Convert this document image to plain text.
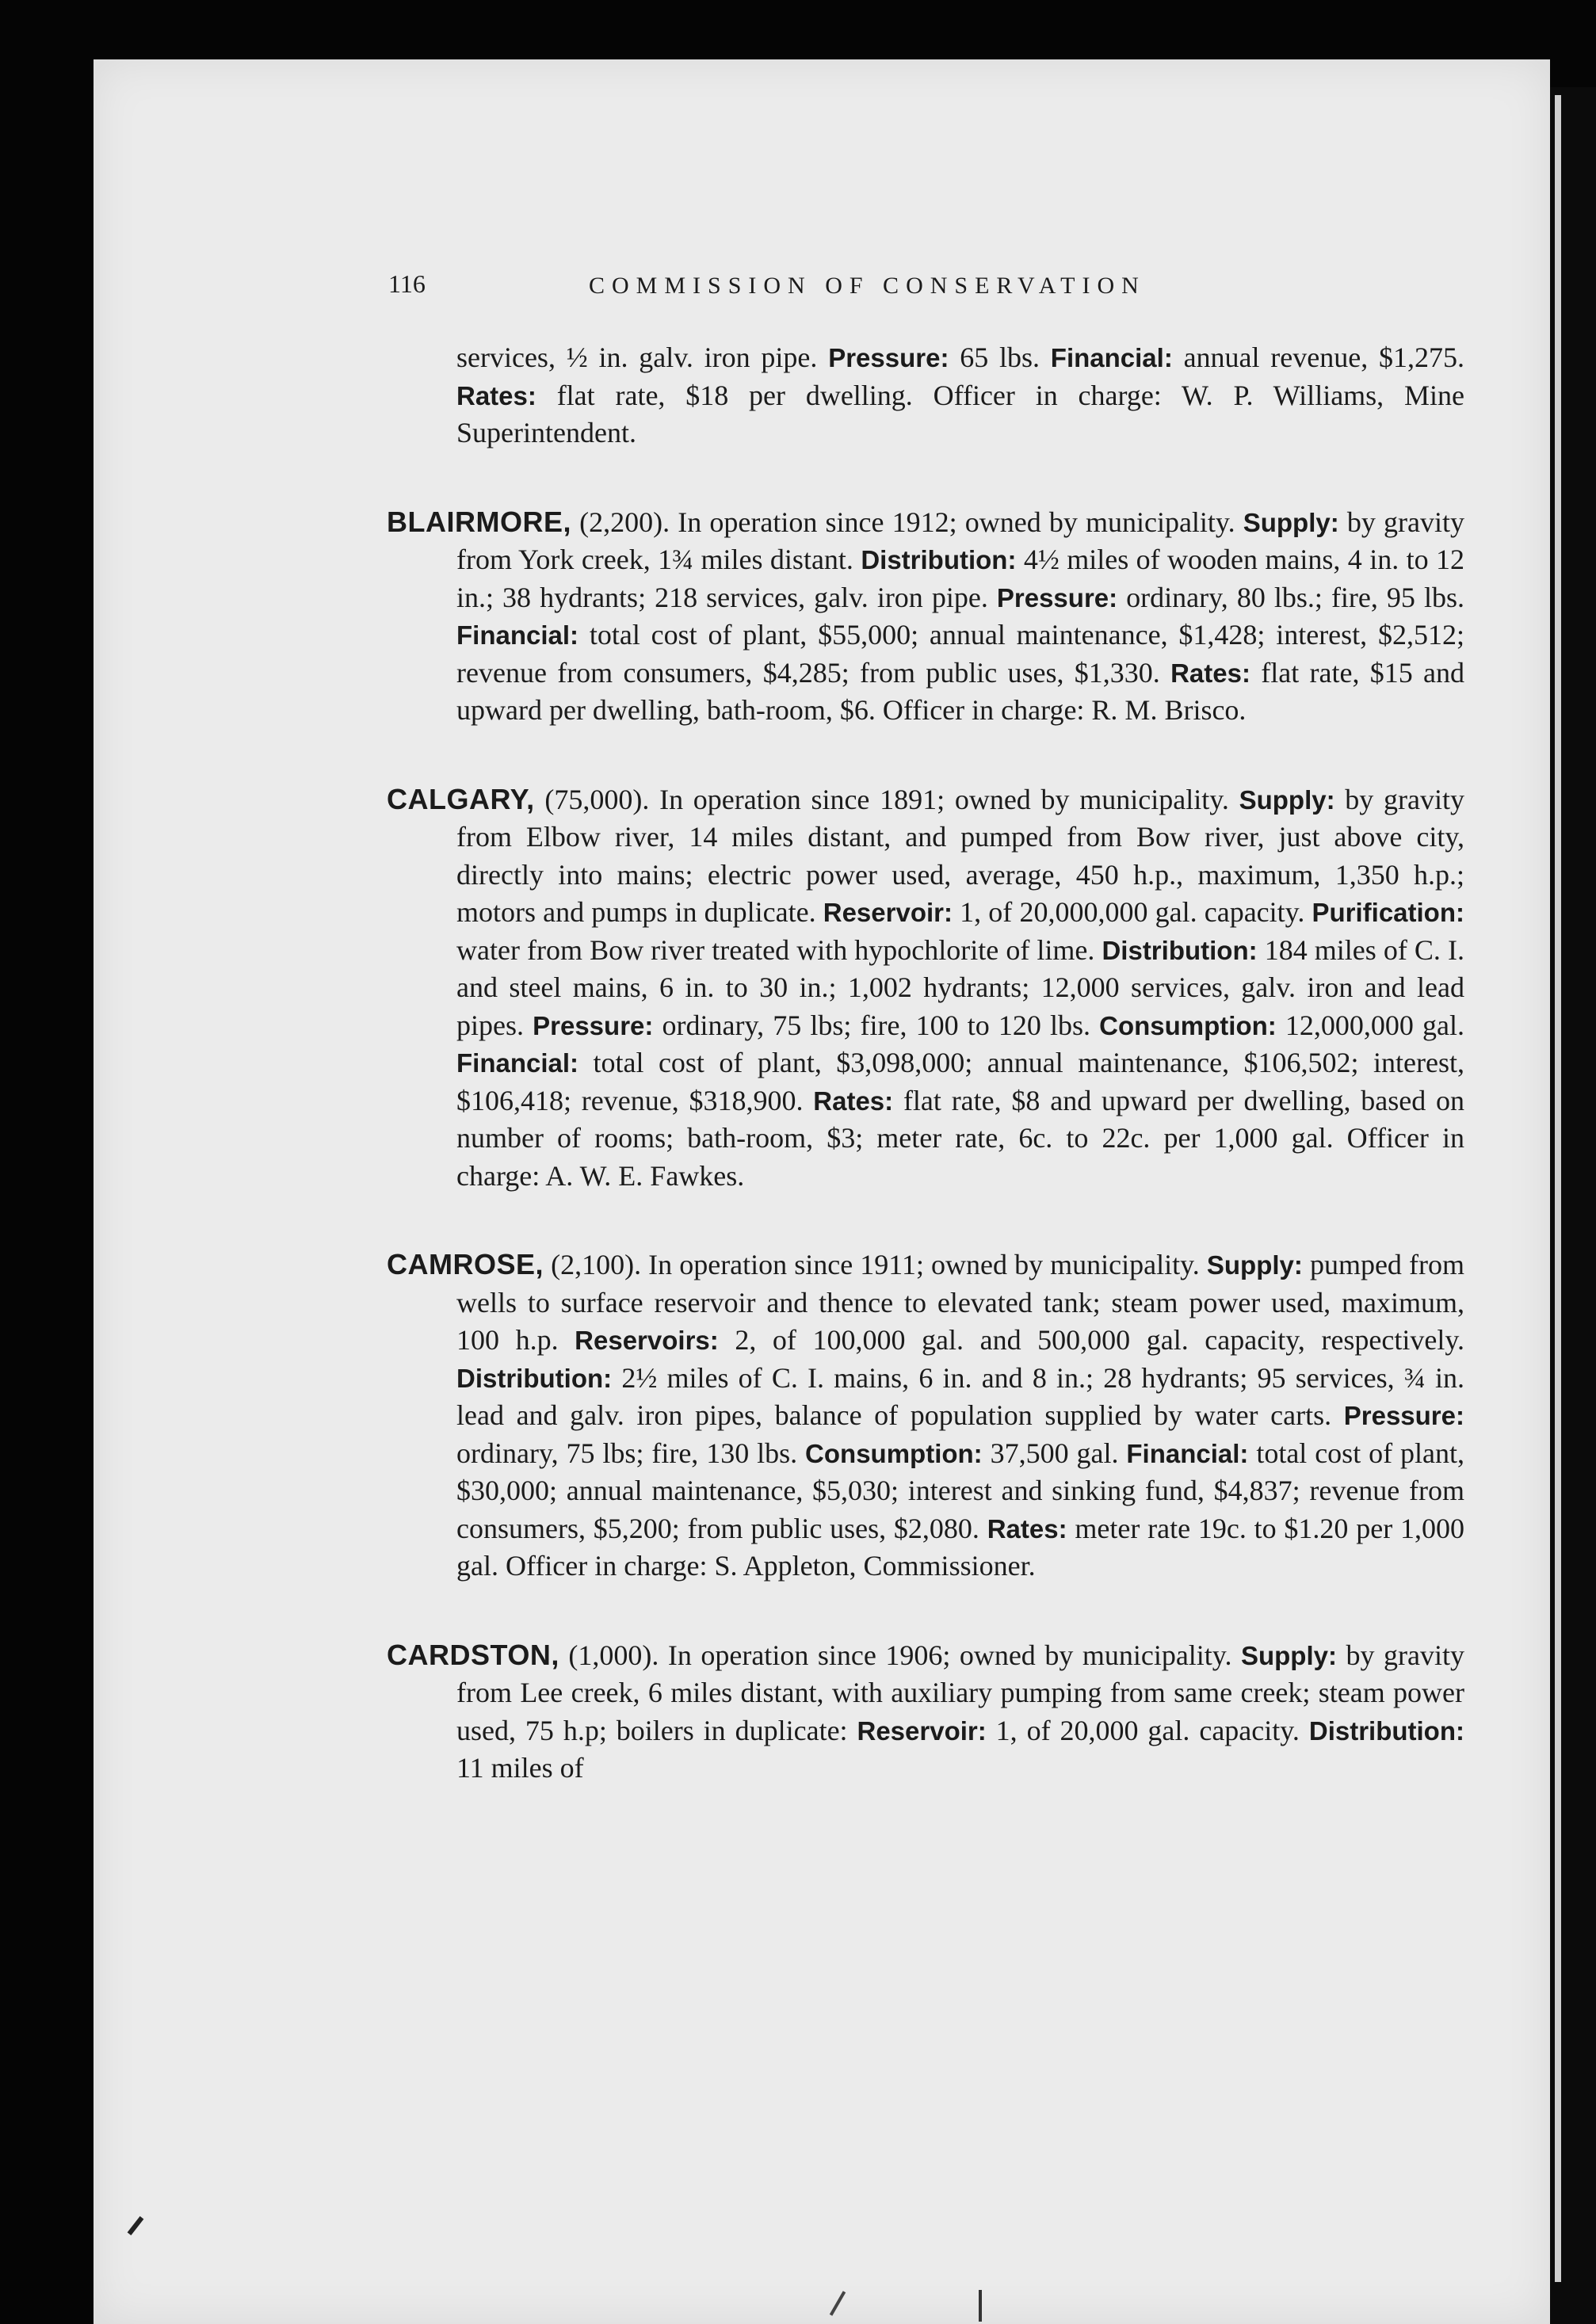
116	COMMISSION OF CONSERVATION

services, ½ in. galv. iron pipe. Pressure: 65 lbs. Financial: annual revenue, $1,275. Rates: flat rate, $18 per dwelling. Officer in charge: W. P. Williams, Mine Superintendent.

BLAIRMORE, (2,200). In operation since 1912; owned by municipality. Supply: by gravity from York creek, 1¾ miles distant. Distribution: 4½ miles of wooden mains, 4 in. to 12 in.; 38 hydrants; 218 services, galv. iron pipe. Pressure: ordinary, 80 lbs.; fire, 95 lbs. Financial: total cost of plant, $55,000; annual maintenance, $1,428; interest, $2,512; revenue from consumers, $4,285; from public uses, $1,330. Rates: flat rate, $15 and upward per dwelling, bath-room, $6. Officer in charge: R. M. Brisco.

CALGARY, (75,000). In operation since 1891; owned by municipality. Supply: by gravity from Elbow river, 14 miles distant, and pumped from Bow river, just above city, directly into mains; electric power used, average, 450 h.p., maximum, 1,350 h.p.; motors and pumps in duplicate. Reservoir: 1, of 20,000,000 gal. capacity. Purification: water from Bow river treated with hypochlorite of lime. Distribution: 184 miles of C. I. and steel mains, 6 in. to 30 in.; 1,002 hydrants; 12,000 services, galv. iron and lead pipes. Pressure: ordinary, 75 lbs; fire, 100 to 120 lbs. Consumption: 12,000,000 gal. Financial: total cost of plant, $3,098,000; annual maintenance, $106,502; interest, $106,418; revenue, $318,900. Rates: flat rate, $8 and upward per dwelling, based on number of rooms; bath-room, $3; meter rate, 6c. to 22c. per 1,000 gal. Officer in charge: A. W. E. Fawkes.

CAMROSE, (2,100). In operation since 1911; owned by municipality. Supply: pumped from wells to surface reservoir and thence to elevated tank; steam power used, maximum, 100 h.p. Reservoirs: 2, of 100,000 gal. and 500,000 gal. capacity, respectively. Distribution: 2½ miles of C. I. mains, 6 in. and 8 in.; 28 hydrants; 95 services, ¾ in. lead and galv. iron pipes, balance of population supplied by water carts. Pressure: ordinary, 75 lbs; fire, 130 lbs. Consumption: 37,500 gal. Financial: total cost of plant, $30,000; annual maintenance, $5,030; interest and sinking fund, $4,837; revenue from consumers, $5,200; from public uses, $2,080. Rates: meter rate 19c. to $1.20 per 1,000 gal. Officer in charge: S. Appleton, Commissioner.

CARDSTON, (1,000). In operation since 1906; owned by municipality. Supply: by gravity from Lee creek, 6 miles distant, with auxiliary pumping from same creek; steam power used, 75 h.p; boilers in duplicate: Reservoir: 1, of 20,000 gal. capacity. Distribution: 11 miles of
